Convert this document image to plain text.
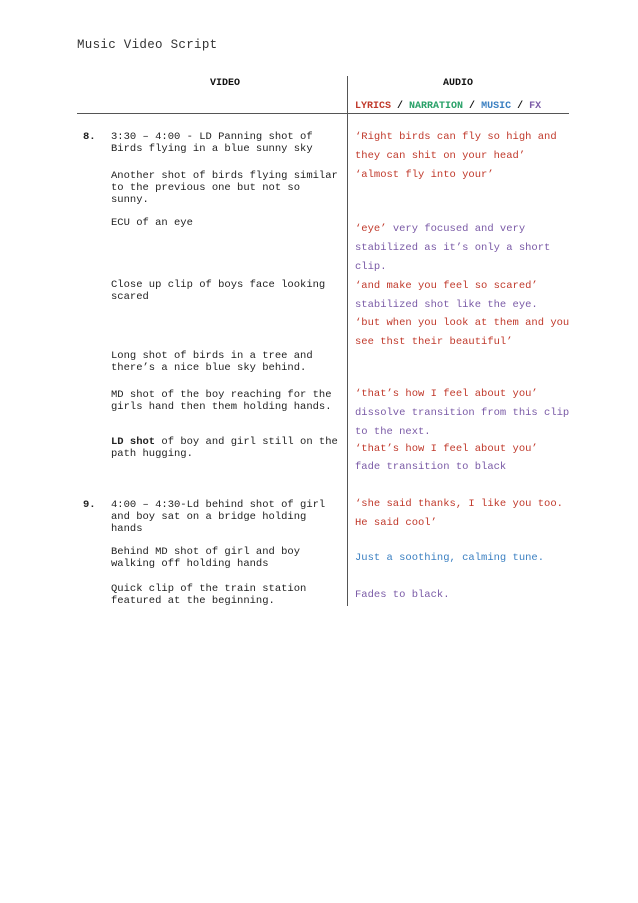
Music Video Script
VIDEO	AUDIO
LYRICS / NARRATION / MUSIC / FX
8. 3:30 – 4:00 - LD Panning shot of Birds flying in a blue sunny sky
Another shot of birds flying similar to the previous one but not so sunny.
ECU of an eye
Close up clip of boys face looking scared
Long shot of birds in a tree and there’s a nice blue sky behind.
MD shot of the boy reaching for the girls hand then them holding hands.
LD shot of boy and girl still on the path hugging.
‘Right birds can fly so high and they can shit on your head’
‘almost fly into your’
‘eye’ very focused and very stabilized as it’s only a short clip.
‘and make you feel so scared’
stabilized shot like the eye.
‘but when you look at them and you see thst their beautiful’
‘that’s how I feel about you’
dissolve transition from this clip to the next.
‘that’s how I feel about you’
fade transition to black
9. 4:00 – 4:30-Ld behind shot of girl and boy sat on a bridge holding hands
Behind MD shot of girl and boy walking off holding hands
Quick clip of the train station featured at the beginning.
‘she said thanks, I like you too. He said cool’
Just a soothing, calming tune.
Fades to black.
